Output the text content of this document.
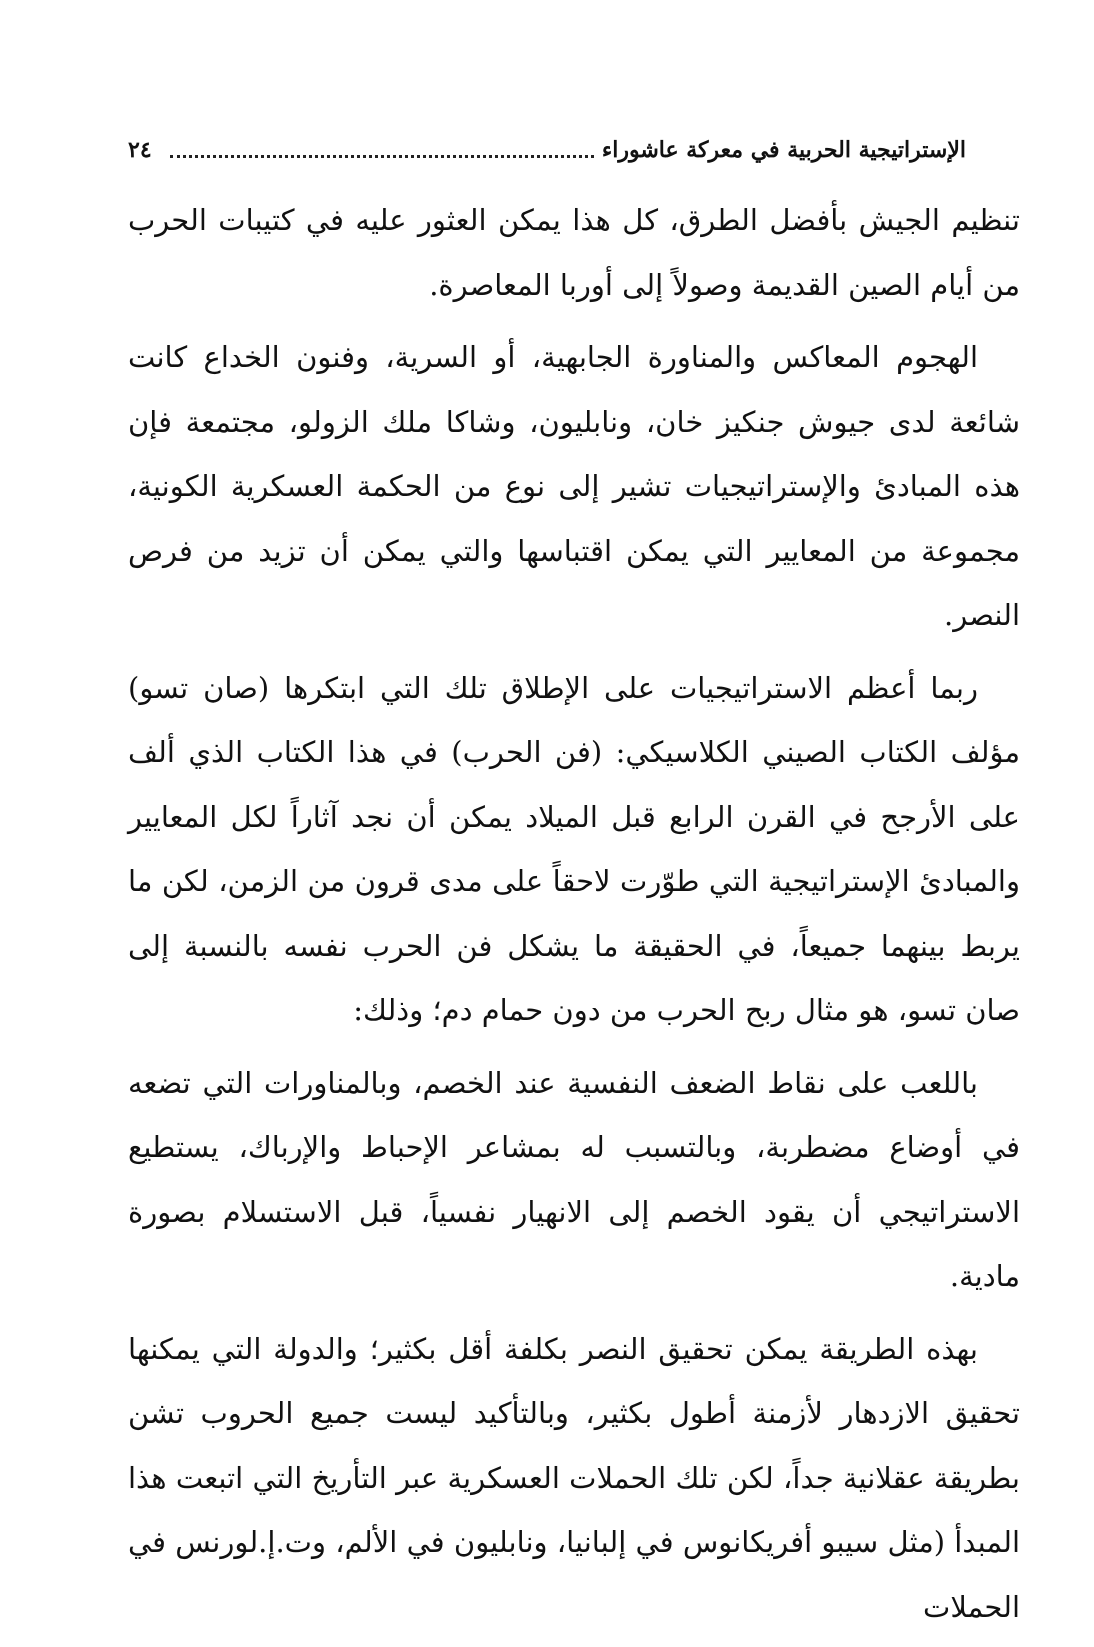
٢٤	الإستراتيجية الحربية في معركة عاشوراء

تنظيم الجيش بأفضل الطرق، كل هذا يمكن العثور عليه في كتيبات الحرب من أيام الصين القديمة وصولاً إلى أوربا المعاصرة.

الهجوم المعاكس والمناورة الجابهية، أو السرية، وفنون الخداع كانت شائعة لدى جيوش جنكيز خان، ونابليون، وشاكا ملك الزولو، مجتمعة فإن هذه المبادئ والإستراتيجيات تشير إلى نوع من الحكمة العسكرية الكونية، مجموعة من المعايير التي يمكن اقتباسها والتي يمكن أن تزيد من فرص النصر.

ربما أعظم الاستراتيجيات على الإطلاق تلك التي ابتكرها (صان تسو) مؤلف الكتاب الصيني الكلاسيكي: (فن الحرب) في هذا الكتاب الذي ألف على الأرجح في القرن الرابع قبل الميلاد يمكن أن نجد آثاراً لكل المعايير والمبادئ الإستراتيجية التي طوّرت لاحقاً على مدى قرون من الزمن، لكن ما يربط بينهما جميعاً، في الحقيقة ما يشكل فن الحرب نفسه بالنسبة إلى صان تسو، هو مثال ربح الحرب من دون حمام دم؛ وذلك:

باللعب على نقاط الضعف النفسية عند الخصم، وبالمناورات التي تضعه في أوضاع مضطربة، وبالتسبب له بمشاعر الإحباط والإرباك، يستطيع الاستراتيجي أن يقود الخصم إلى الانهيار نفسياً، قبل الاستسلام بصورة مادية.

بهذه الطريقة يمكن تحقيق النصر بكلفة أقل بكثير؛ والدولة التي يمكنها تحقيق الازدهار لأزمنة أطول بكثير، وبالتأكيد ليست جميع الحروب تشن بطريقة عقلانية جداً، لكن تلك الحملات العسكرية عبر التأريخ التي اتبعت هذا المبدأ (مثل سيبو أفريكانوس في إلبانيا، ونابليون في الألم، وت.إ.لورنس في الحملات
